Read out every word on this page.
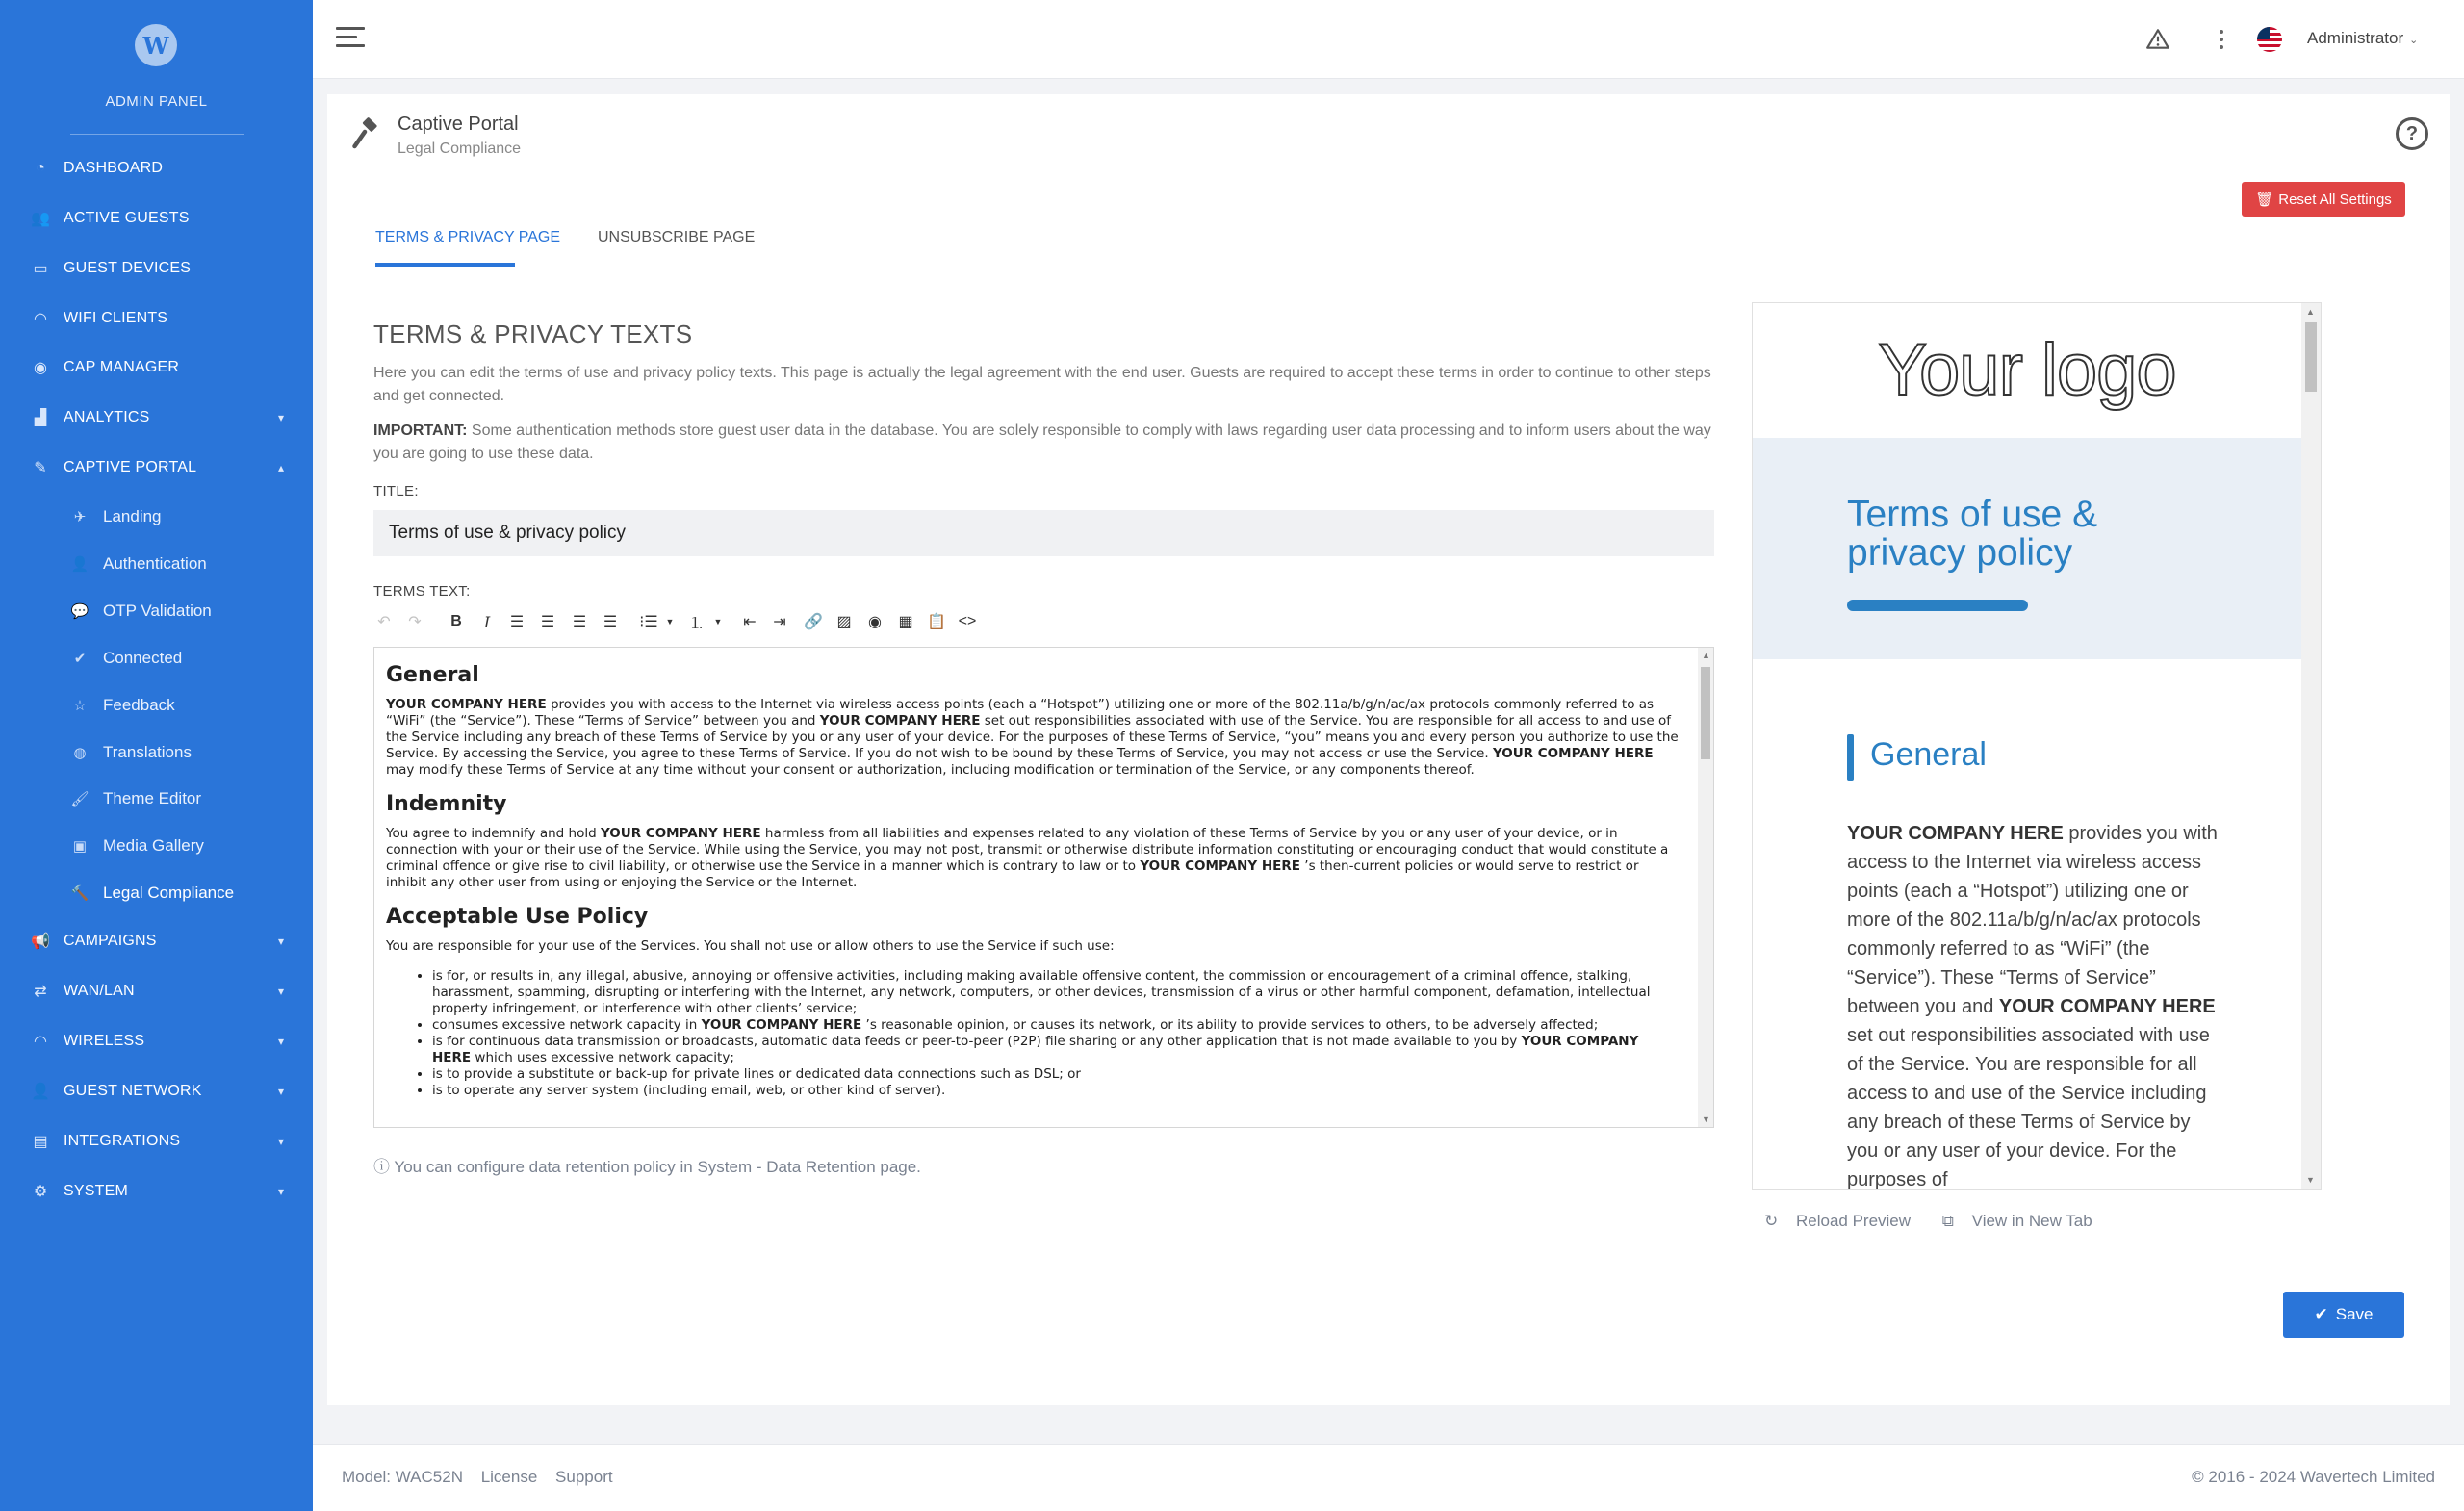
W
ADMIN PANEL
◔	DASHBOARD
👥 ACTIVE GUESTS
▭ GUEST DEVICES
◠ WIFI CLIENTS
◉ CAP MANAGER
▟ ANALYTICS	▾
✎ CAPTIVE PORTAL	▴
✈ Landing
👤 Authentication
💬 OTP Validation
✔ Connected
☆ Feedback
◍ Translations
🖌 Theme Editor
▣ Media Gallery
🔨 Legal Compliance
📢 CAMPAIGNS	▾
⇄ WAN/LAN	▾
◠ WIRELESS	▾
👤 GUEST NETWORK	▾
▤ INTEGRATIONS	▾
⚙ SYSTEM	▾
Administrator ⌄
Captive Portal
Legal Compliance
?
🗑 Reset All Settings
TERMS & PRIVACY PAGE UNSUBSCRIBE PAGE
TERMS & PRIVACY TEXTS
Here you can edit the terms of use and privacy policy texts. This page is actually the legal agreement with the end user. Guests are required to accept these terms in order to continue to other steps and get connected.
IMPORTANT: Some authentication methods store guest user data in the database. You are solely responsible to comply with laws regarding user data processing and to inform users about the way you are going to use these data.
TITLE:
Terms of use & privacy policy
TERMS TEXT:
↶ ↷	B	I	☰ ☰ ☰ ☰ ⁝☰ ▼ ⒈	▼	⇤ ⇥ 🔗 ▨ ◉ ▦ 📋 <>
General

YOUR COMPANY HERE provides you with access to the Internet via wireless access points (each a “Hotspot”) utilizing one or more of the 802.11a/b/g/n/ac/ax protocols commonly referred to as “WiFi” (the “Service”). These “Terms of Service” between you and YOUR COMPANY HERE set out responsibilities associated with use of the Service. You are responsible for all access to and use of the Service including any breach of these Terms of Service by you or any user of your device. For the purposes of these Terms of Service, “you” means you and every person you authorize to use the Service. By accessing the Service, you agree to these Terms of Service. If you do not wish to be bound by these Terms of Service, you may not access or use the Service. YOUR COMPANY HERE may modify these Terms of Service at any time without your consent or authorization, including modification or termination of the Service, or any components thereof.

Indemnity

You agree to indemnify and hold YOUR COMPANY HERE harmless from all liabilities and expenses related to any violation of these Terms of Service by you or any user of your device, or in connection with your or their use of the Service. While using the Service, you may not post, transmit or otherwise distribute information constituting or encouraging conduct that would constitute a criminal offence or give rise to civil liability, or otherwise use the Service in a manner which is contrary to law or to YOUR COMPANY HERE ’s then-current policies or would serve to restrict or inhibit any other user from using or enjoying the Service or the Internet.

Acceptable Use Policy

You are responsible for your use of the Services. You shall not use or allow others to use the Service if such use:

• is for, or results in, any illegal, abusive, annoying or offensive activities, including making available offensive content, the commission or encouragement of a criminal offence, stalking, harassment, spamming, disrupting or interfering with the Internet, any network, computers, or other devices, transmission of a virus or other harmful component, defamation, intellectual property infringement, or interference with other clients’ service;
• consumes excessive network capacity in YOUR COMPANY HERE ’s reasonable opinion, or causes its network, or its ability to provide services to others, to be adversely affected;
• is for continuous data transmission or broadcasts, automatic data feeds or peer-to-peer (P2P) file sharing or any other application that is not made available to you by YOUR COMPANY HERE which uses excessive network capacity;
• is to provide a substitute or back-up for private lines or dedicated data connections such as DSL; or
• is to operate any server system (including email, web, or other kind of server).
▲
▼
ⓘ You can configure data retention policy in System - Data Retention page.
Your logo
Terms of use & privacy policy
General
YOUR COMPANY HERE provides you with access to the Internet via wireless access points (each a “Hotspot”) utilizing one or more of the 802.11a/b/g/n/ac/ax protocols commonly referred to as “WiFi” (the “Service”). These “Terms of Service” between you and YOUR COMPANY HERE set out responsibilities associated with use of the Service. You are responsible for all access to and use of the Service including any breach of these Terms of Service by you or any user of your device. For the purposes of
▲
▼
↻ Reload Preview ⧉ View in New Tab
✔ Save
Model: WAC52N License Support	© 2016 - 2024 Wavertech Limited
